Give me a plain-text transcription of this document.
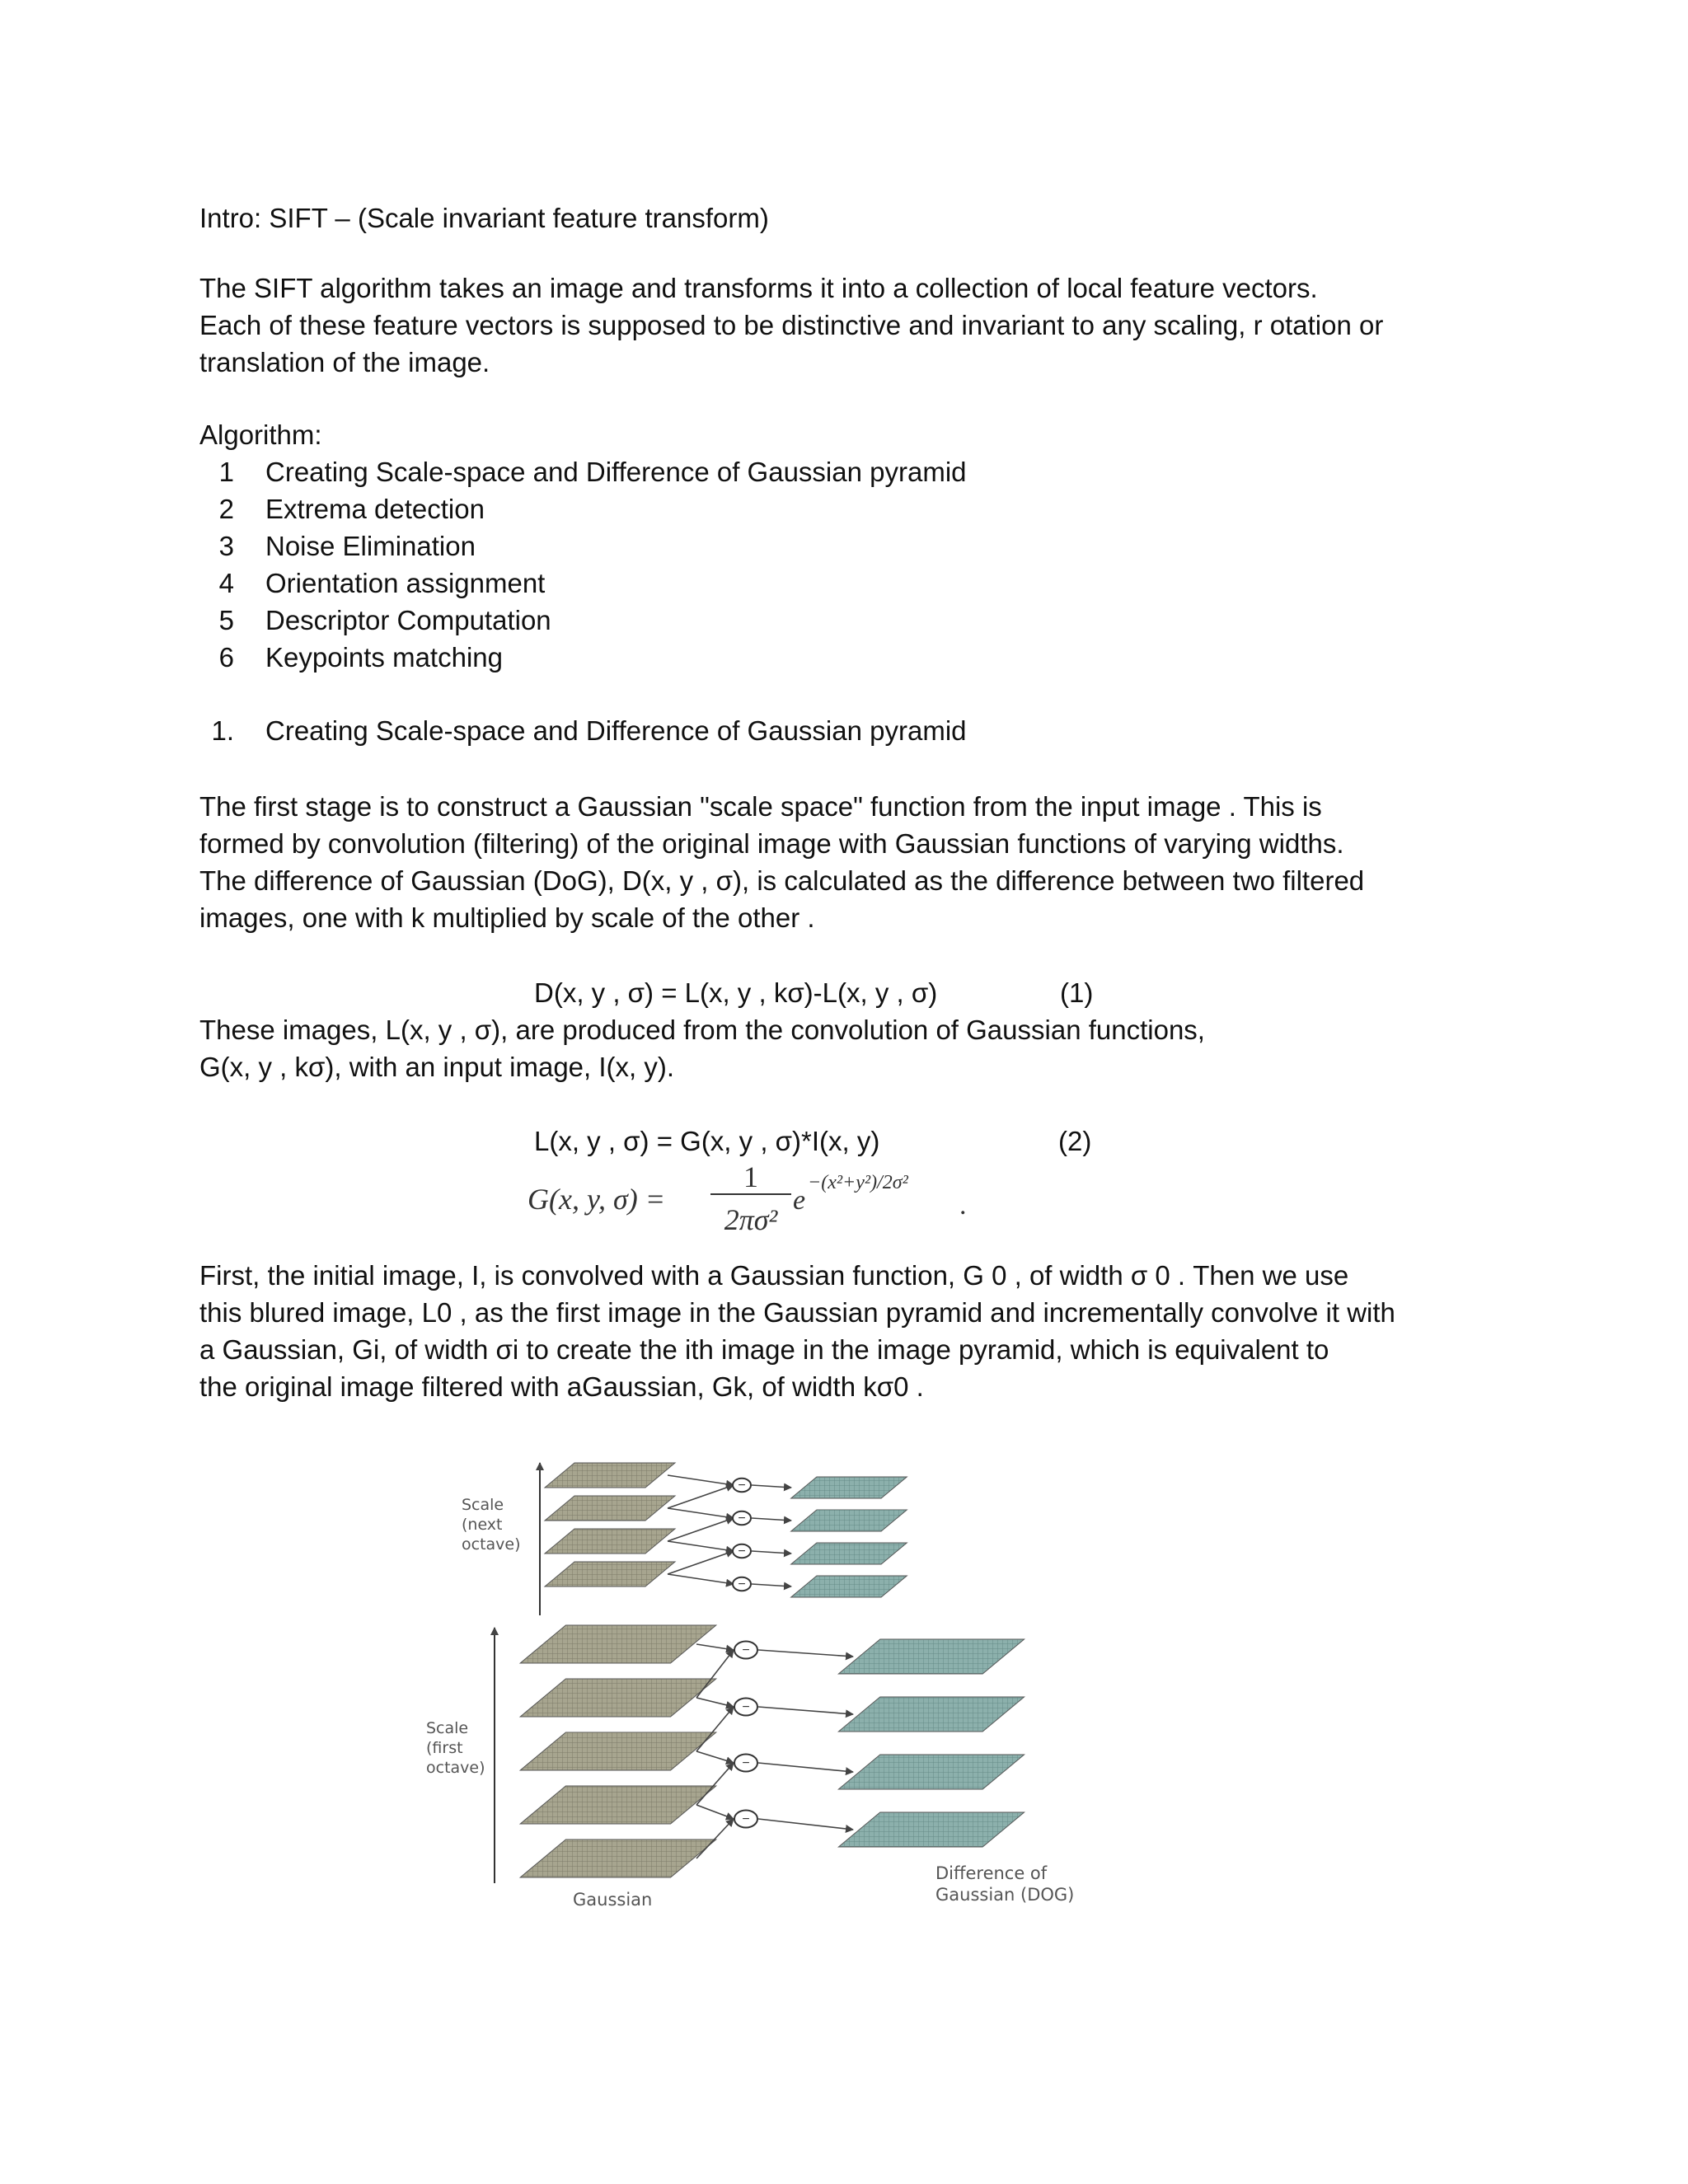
Intro: SIFT – (Scale invariant feature transform)
The SIFT algorithm takes an image and transforms it into a collection of local feature vectors.
Each of these feature vectors is supposed to be distinctive and invariant to any scaling, r otation or
translation of the image.
Algorithm:
1 Creating Scale-space and Difference of Gaussian pyramid
2 Extrema detection
3 Noise Elimination
4 Orientation assignment
5 Descriptor Computation
6 Keypoints matching
1. Creating Scale-space and Difference of Gaussian pyramid
The first stage is to construct a Gaussian "scale space" function from the input image . This is
formed by convolution (filtering) of the original image with Gaussian functions of varying widths.
The difference of Gaussian (DoG), D(x, y , σ), is calculated as the difference between two filtered
images, one with k multiplied by scale of the other .
D(x, y , σ) = L(x, y , kσ)-L(x, y , σ)	(1)
These images, L(x, y , σ), are produced from the convolution of Gaussian functions,
G(x, y , kσ), with an input image, I(x, y).
L(x, y , σ) = G(x, y , σ)*I(x, y)	(2)
G(x, y, σ) =
1
2πσ²
e
−(x²+y²)/2σ²
.
First, the initial image, I, is convolved with a Gaussian function, G 0 , of width σ 0 . Then we use
this blured image, L0 , as the first image in the Gaussian pyramid and incrementally convolve it with
a Gaussian, Gi, of width σi to create the ith image in the image pyramid, which is equivalent to
the original image filtered with aGaussian, Gk, of width kσ0 .
−
−
−
−
−
−
−
−
Scale (next octave)
Scale (first octave)
Gaussian
Difference of Gaussian (DOG)
